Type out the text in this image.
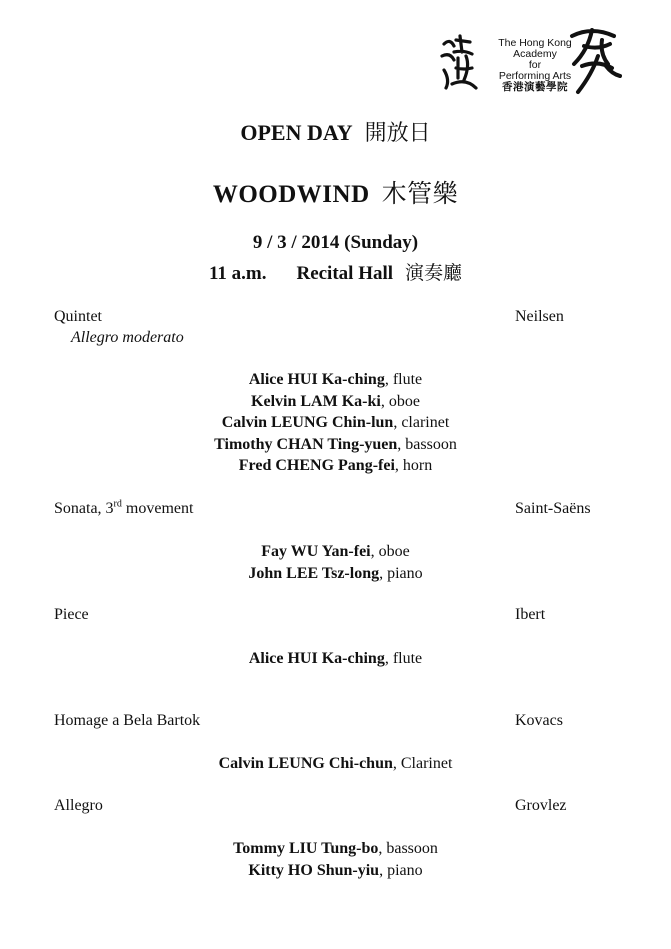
The Hong Kong Academy
for
Performing Arts
香港演藝學院
OPEN DAY 開放日
WOODWIND 木管樂
9 / 3 / 2014 (Sunday)
11 a.m. Recital Hall 演奏廳
Quintet	Neilsen
Allegro moderato
Alice HUI Ka-ching, flute
Kelvin LAM Ka-ki, oboe
Calvin LEUNG Chin-lun, clarinet
Timothy CHAN Ting-yuen, bassoon
Fred CHENG Pang-fei, horn
Sonata, 3rd movement	Saint-Saëns
Fay WU Yan-fei, oboe
John LEE Tsz-long, piano
Piece	Ibert
Alice HUI Ka-ching, flute
Homage a Bela Bartok	Kovacs
Calvin LEUNG Chi-chun, Clarinet
Allegro	Grovlez
Tommy LIU Tung-bo, bassoon
Kitty HO Shun-yiu, piano
